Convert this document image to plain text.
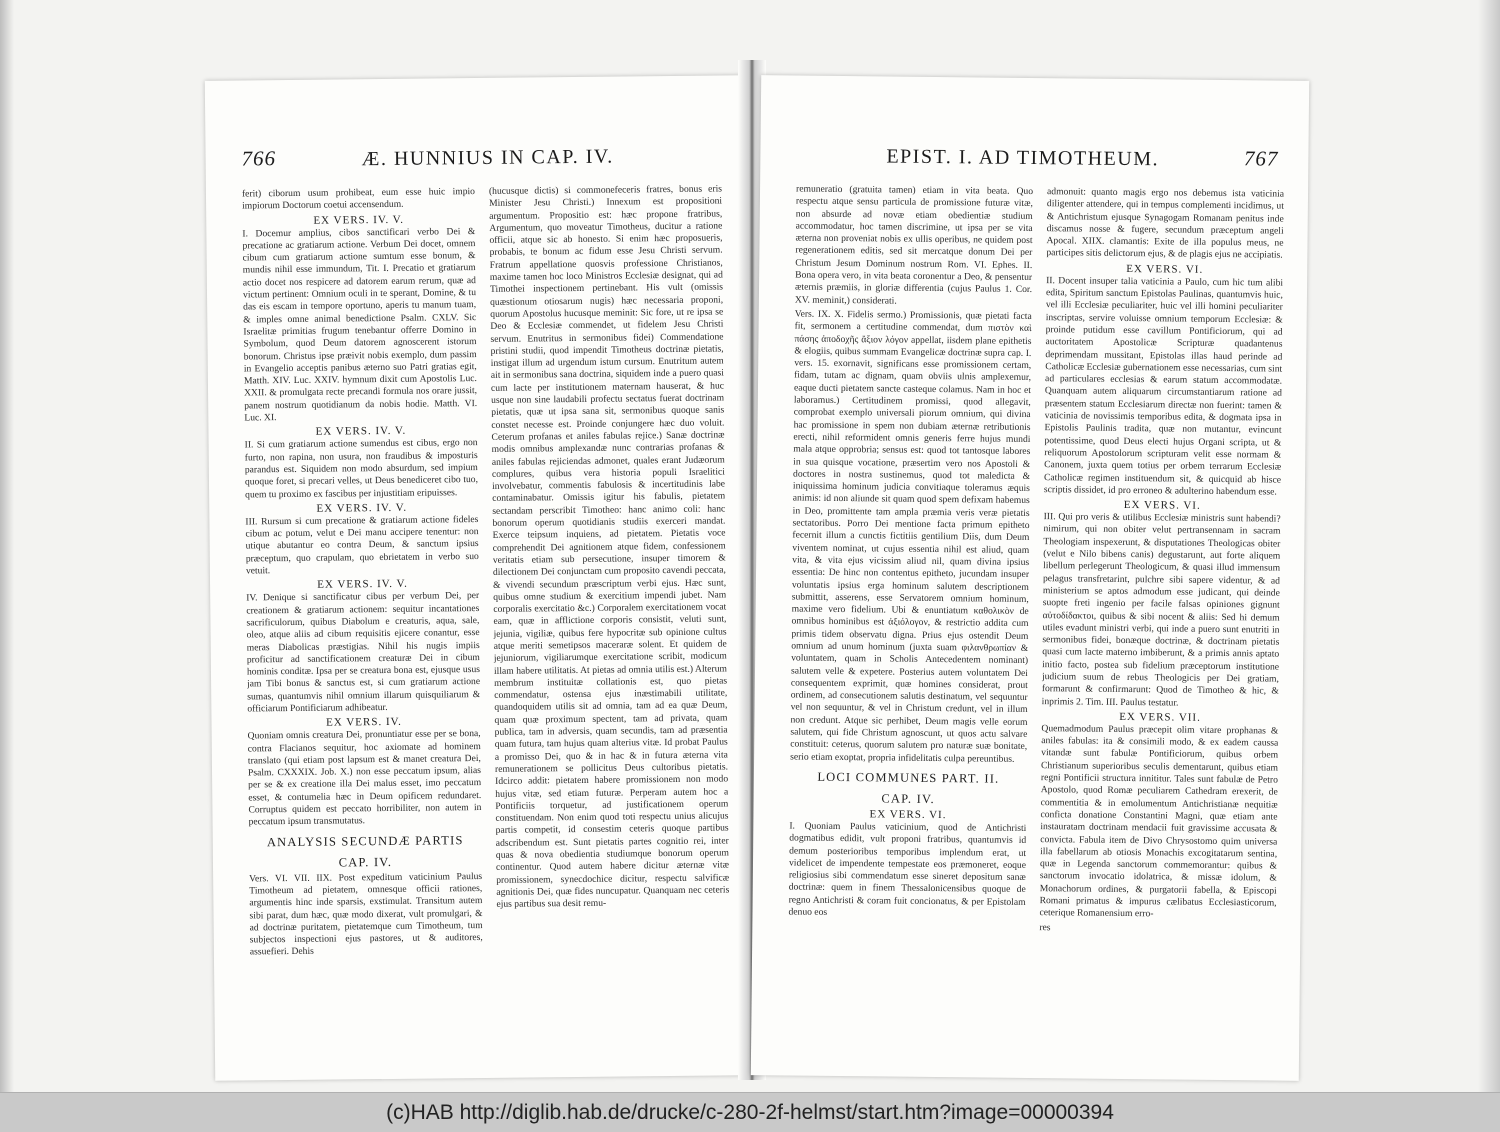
766	Æ. HUNNIUS IN CAP. IV.

ferit) ciborum usum prohibeat, eum esse huic impio impiorum Doctorum coetui accensendum.

EX VERS. IV. V.

I. Docemur amplius, cibos sanctificari verbo Dei & precatione ac gratiarum actione. Verbum Dei docet, omnem cibum cum gratiarum actione sumtum esse bonum, & mundis nihil esse immundum, Tit. I. Precatio et gratiarum actio docet nos respicere ad datorem earum rerum, quæ ad victum pertinent: Omnium oculi in te sperant, Domine, & tu das eis escam in tempore oportuno, aperis tu manum tuam, & imples omne animal benedictione Psalm. CXLV. Sic Israelitæ primitias frugum tenebantur offerre Domino in Symbolum, quod Deum datorem agnoscerent istorum bonorum. Christus ipse præivit nobis exemplo, dum passim in Evangelio acceptis panibus æterno suo Patri gratias egit, Matth. XIV. Luc. XXIV. hymnum dixit cum Apostolis Luc. XXII. & promulgata recte precandi formula nos orare jussit, panem nostrum quotidianum da nobis hodie. Matth. VI. Luc. XI.

EX VERS. IV. V.

II. Si cum gratiarum actione sumendus est cibus, ergo non furto, non rapina, non usura, non fraudibus & imposturis parandus est. Siquidem non modo absurdum, sed impium quoque foret, si precari velles, ut Deus benediceret cibo tuo, quem tu proximo ex fascibus per injustitiam eripuisses.

EX VERS. IV. V.

III. Rursum si cum precatione & gratiarum actione fideles cibum ac potum, velut e Dei manu accipere tenentur: non utique abutantur eo contra Deum, & sanctum ipsius præceptum, quo crapulam, quo ebrietatem in verbo suo vetuit.

EX VERS. IV. V.

IV. Denique si sanctificatur cibus per verbum Dei, per creationem & gratiarum actionem: sequitur incantationes sacrificulorum, quibus Diabolum e creaturis, aqua, sale, oleo, atque aliis ad cibum requisitis ejicere conantur, esse meras Diabolicas præstigias. Nihil his nugis impiis proficitur ad sanctificationem creaturæ Dei in cibum hominis conditæ. Ipsa per se creatura bona est, ejusque usus jam Tibi bonus & sanctus est, si cum gratiarum actione sumas, quantumvis nihil omnium illarum quisquiliarum & officiarum Pontificiarum adhibeatur.

EX VERS. IV.

Quoniam omnis creatura Dei, pronuntiatur esse per se bona, contra Flacianos sequitur, hoc axiomate ad hominem translato (qui etiam post lapsum est & manet creatura Dei, Psalm. CXXXIX. Job. X.) non esse peccatum ipsum, alias per se & ex creatione illa Dei malus esset, imo peccatum esset, & contumelia hæc in Deum opificem redundaret. Corruptus quidem est peccato horribiliter, non autem in peccatum ipsum transmutatus.

ANALYSIS SECUNDÆ PARTIS
CAP. IV.

Vers. VI. VII. IIX. Post expeditum vaticinium Paulus Timotheum ad pietatem, omnesque officii rationes, argumentis hinc inde sparsis, exstimulat. Transitum autem sibi parat, dum hæc, quæ modo dixerat, vult promulgari, & ad doctrinæ puritatem, pietatemque cum Timotheum, tum subjectos inspectioni ejus pastores, ut & auditores, assuefieri. Dehis

(hucusque dictis) si commonefeceris fratres, bonus eris Minister Jesu Christi.) Innexum est propositioni argumentum. Propositio est: hæc propone fratribus, Argumentum, quo moveatur Timotheus, ducitur a ratione officii, atque sic ab honesto. Si enim hæc proposueris, probabis, te bonum ac fidum esse Jesu Christi servum. Fratrum appellatione quosvis professione Christianos, maxime tamen hoc loco Ministros Ecclesiæ designat, qui ad Timothei inspectionem pertinebant. His vult (omissis quæstionum otiosarum nugis) hæc necessaria proponi, quorum Apostolus hucusque meminit: Sic fore, ut re ipsa se Deo & Ecclesiæ commendet, ut fidelem Jesu Christi servum. Enutritus in sermonibus fidei) Commendatione pristini studii, quod impendit Timotheus doctrinæ pietatis, instigat illum ad urgendum istum cursum. Enutritum autem ait in sermonibus sana doctrina, siquidem inde a puero quasi cum lacte per institutionem maternam hauserat, & huc usque non sine laudabili profectu sectatus fuerat doctrinam pietatis, quæ ut ipsa sana sit, sermonibus quoque sanis constet necesse est. Proinde conjungere hæc duo voluit. Ceterum profanas et aniles fabulas rejice.) Sanæ doctrinæ modis omnibus amplexandæ nunc contrarias profanas & aniles fabulas rejiciendas admonet, quales erant Judæorum complures, quibus vera historia populi Israelitici involvebatur, commentis fabulosis & incertitudinis labe contaminabatur. Omissis igitur his fabulis, pietatem sectandam perscribit Timotheo: hanc animo coli: hanc bonorum operum quotidianis studiis exerceri mandat. Exerce teipsum inquiens, ad pietatem. Pietatis voce comprehendit Dei agnitionem atque fidem, confessionem veritatis etiam sub persecutione, insuper timorem & dilectionem Dei conjunctam cum proposito cavendi peccata, & vivendi secundum præscriptum verbi ejus. Hæc sunt, quibus omne studium & exercitium impendi jubet. Nam corporalis exercitatio &c.) Corporalem exercitationem vocat eam, quæ in afflictione corporis consistit, veluti sunt, jejunia, vigiliæ, quibus fere hypocritæ sub opinione cultus atque meriti semetipsos maceraræ solent. Et quidem de jejuniorum, vigiliarumque exercitatione scribit, modicum illam habere utilitatis. At pietas ad omnia utilis est.) Alterum membrum instituitæ collationis est, quo pietas commendatur, ostensa ejus inæstimabili utilitate, quandoquidem utilis sit ad omnia, tam ad ea quæ Deum, quam quæ proximum spectent, tam ad privata, quam publica, tam in adversis, quam secundis, tam ad præsentia quam futura, tam hujus quam alterius vitæ. Id probat Paulus a promisso Dei, quo & in hac & in futura æterna vita remunerationem se pollicitus Deus cultoribus pietatis. Idcirco addit: pietatem habere promissionem non modo hujus vitæ, sed etiam futuræ. Perperam autem hoc a Pontificiis torquetur, ad justificationem operum constituendam. Non enim quod toti respectu unius alicujus partis competit, id consestim ceteris quoque partibus adscribendum est. Sunt pietatis partes cognitio rei, inter quas & nova obedientia studiumque bonorum operum continentur. Quod autem habere dicitur æternæ vitæ promissionem, synecdochice dicitur, respectu salvificæ agnitionis Dei, quæ fides nuncupatur. Quanquam nec ceteris ejus partibus sua desit remu-

EPIST. I. AD TIMOTHEUM.	767

remuneratio (gratuita tamen) etiam in vita beata. Quo respectu atque sensu particula de promissione futuræ vitæ, non absurde ad novæ etiam obedientiæ studium accommodatur, hoc tamen discrimine, ut ipsa per se vita æterna non proveniat nobis ex ullis operibus, ne quidem post regenerationem editis, sed sit mercatque donum Dei per Christum Jesum Dominum nostrum Rom. VI. Ephes. II. Bona opera vero, in vita beata coronentur a Deo, & pensentur æternis præmiis, in gloriæ differentia (cujus Paulus 1. Cor. XV. meminit,) considerati.

Vers. IX. X. Fidelis sermo.) Promissionis, quæ pietati facta fit, sermonem a certitudine commendat, dum πιστὸν καὶ πάσης ἀποδοχῆς ἄξιον λόγον appellat, iisdem plane epithetis & elogiis, quibus summam Evangelicæ doctrinæ supra cap. I. vers. 15. exornavit, significans esse promissionem certam, fidam, tutam ac dignam, quam obviis ulnis amplexemur, eaque ducti pietatem sancte casteque colamus. Nam in hoc et laboramus.) Certitudinem promissi, quod allegavit, comprobat exemplo universali piorum omnium, qui divina hac promissione in spem non dubiam æternæ retributionis erecti, nihil reformident omnis generis ferre hujus mundi mala atque opprobria; sensus est: quod tot tantosque labores in sua quisque vocatione, præsertim vero nos Apostoli & doctores in nostra sustinemus, quod tot maledicta & iniquissima hominum judicia convitiaque toleramus æquis animis: id non aliunde sit quam quod spem defixam habemus in Deo, promittente tam ampla præmia veris veræ pietatis sectatoribus. Porro Dei mentione facta primum epitheto fecernit illum a cunctis fictitiis gentilium Diis, dum Deum viventem nominat, ut cujus essentia nihil est aliud, quam vita, & vita ejus vicissim aliud nil, quam divina ipsius essentia: De hinc non contentus epitheto, jucundam insuper voluntatis ipsius erga hominum salutem descriptionem submittit, asserens, esse Servatorem omnium hominum, maxime vero fidelium. Ubi & enuntiatum καθολικὸν de omnibus hominibus est ἀξιόλογον, & restrictio addita cum primis tidem observatu digna. Prius ejus ostendit Deum omnium ad unum hominum (juxta suam φιλανθρωπίαν & voluntatem, quam in Scholis Antecedentem nominant) salutem velle & expetere. Posterius autem voluntatem Dei consequentem exprimit, quæ homines considerat, prout ordinem, ad consecutionem salutis destinatum, vel sequuntur vel non sequuntur, & vel in Christum credunt, vel in illum non credunt. Atque sic perhibet, Deum magis velle eorum salutem, qui fide Christum agnoscunt, ut quos actu salvare constituit: ceterus, quorum salutem pro naturæ suæ bonitate, serio etiam exoptat, propria infidelitatis culpa pereuntibus.

LOCI COMMUNES PART. II.
CAP. IV.
EX VERS. VI.

I. Quoniam Paulus vaticinium, quod de Antichristi dogmatibus edidit, vult proponi fratribus, quantumvis id demum posterioribus temporibus implendum erat, ut videlicet de impendente tempestate eos præmoneret, eoque religiosius sibi commendatum esse sineret depositum sanæ doctrinæ: quem in finem Thessalonicensibus quoque de regno Antichristi & coram fuit concionatus, & per Epistolam denuo eos

admonuit: quanto magis ergo nos debemus ista vaticinia diligenter attendere, qui in tempus complementi incidimus, ut & Antichristum ejusque Synagogam Romanam penitus inde discamus nosse & fugere, secundum præceptum angeli Apocal. XIIX. clamantis: Exite de illa populus meus, ne participes sitis delictorum ejus, & de plagis ejus ne accipiatis.

EX VERS. VI.

II. Docent insuper talia vaticinia a Paulo, cum hic tum alibi edita, Spiritum sanctum Epistolas Paulinas, quantumvis huic, vel illi Ecclesiæ peculiariter, huic vel illi homini peculiariter inscriptas, servire voluisse omnium temporum Ecclesiæ: & proinde putidum esse cavillum Pontificiorum, qui ad auctoritatem Apostolicæ Scripturæ quadantenus deprimendam mussitant, Epistolas illas haud perinde ad Catholicæ Ecclesiæ gubernationem esse necessarias, cum sint ad particulares ecclesias & earum statum accommodatæ. Quanquam autem aliquarum circumstantiarum ratione ad præsentem statum Ecclesiarum directæ non fuerint: tamen & vaticinia de novissimis temporibus edita, & dogmata ipsa in Epistolis Paulinis tradita, quæ non mutantur, evincunt potentissime, quod Deus electi hujus Organi scripta, ut & reliquorum Apostolorum scripturam velit esse normam & Canonem, juxta quem totius per orbem terrarum Ecclesiæ Catholicæ regimen instituendum sit, & quicquid ab hisce scriptis dissidet, id pro erroneo & adulterino habendum esse.

EX VERS. VI.

III. Qui pro veris & utilibus Ecclesiæ ministris sunt habendi? nimirum, qui non obiter velut pertransennam in sacram Theologiam inspexerunt, & disputationes Theologicas obiter (velut e Nilo bibens canis) degustarunt, aut forte aliquem libellum perlegerunt Theologicum, & quasi illud immensum pelagus transfretarint, pulchre sibi sapere videntur, & ad ministerium se aptos admodum esse judicant, qui deinde suopte freti ingenio per facile falsas opiniones gignunt αὐτοδίδακτοι, quibus & sibi nocent & aliis: Sed hi demum utiles evadunt ministri verbi, qui inde a puero sunt enutriti in sermonibus fidei, bonæque doctrinæ, & doctrinam pietatis quasi cum lacte materno imbiberunt, & a primis annis aptato initio facto, postea sub fidelium præceptorum institutione judicium suum de rebus Theologicis per Dei gratiam, formarunt & confirmarunt: Quod de Timotheo & hic, & inprimis 2. Tim. III. Paulus testatur.

EX VERS. VII.

Quemadmodum Paulus præcepit olim vitare prophanas & aniles fabulas: ita & consimili modo, & ex eadem caussa vitandæ sunt fabulæ Pontificiorum, quibus orbem Christianum superioribus seculis dementarunt, quibus etiam regni Pontificii structura innititur. Tales sunt fabulæ de Petro Apostolo, quod Romæ peculiarem Cathedram erexerit, de commentitia & in emolumentum Antichristianæ nequitiæ conficta donatione Constantini Magni, quæ etiam ante instauratam doctrinam mendacii fuit gravissime accusata & convicta. Fabula item de Divo Chrysostomo quim universa illa fabellarum ab otiosis Monachis excogitatarum sentina, quæ in Legenda sanctorum commemorantur: quibus & sanctorum invocatio idolatrica, & missæ idolum, & Monachorum ordines, & purgatorii fabella, & Episcopi Romani primatus & impurus cælibatus Ecclesiasticorum, ceterique Romanensium erro-

res

(c)HAB http://diglib.hab.de/drucke/c-280-2f-helmst/start.htm?image=00000394
